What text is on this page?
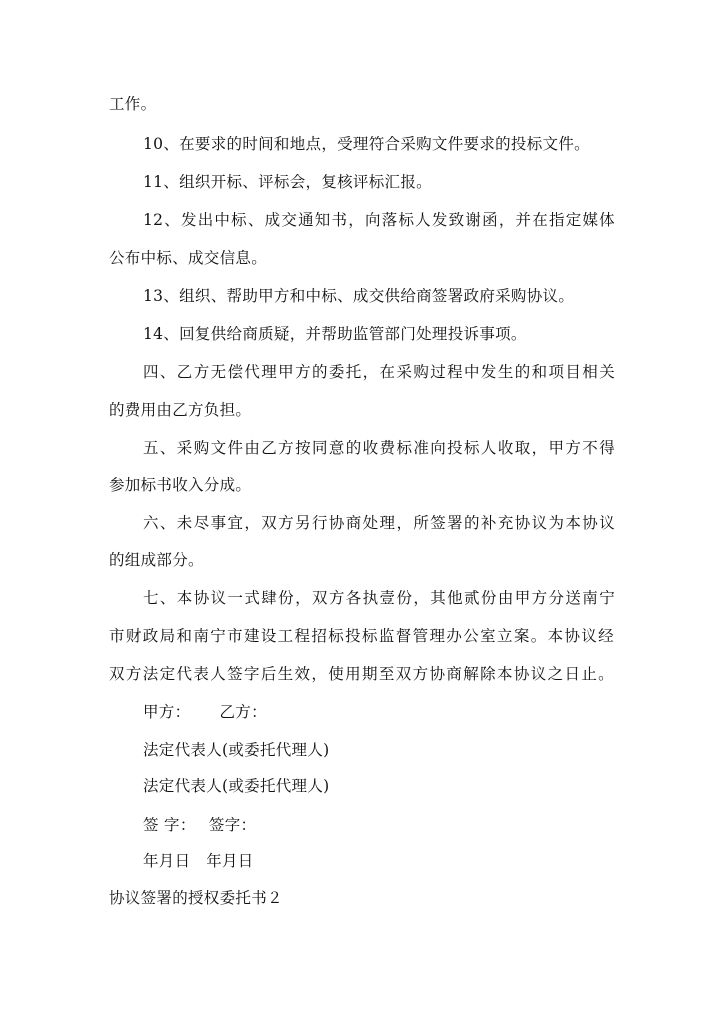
工作。
10、在要求的时间和地点，受理符合采购文件要求的投标文件。
11、组织开标、评标会，复核评标汇报。
12、发出中标、成交通知书，向落标人发致谢函，并在指定媒体
公布中标、成交信息。
13、组织、帮助甲方和中标、成交供给商签署政府采购协议。
14、回复供给商质疑，并帮助监管部门处理投诉事项。
四、乙方无偿代理甲方的委托，在采购过程中发生的和项目相关
的费用由乙方负担。
五、采购文件由乙方按同意的收费标准向投标人收取，甲方不得
参加标书收入分成。
六、未尽事宜，双方另行协商处理，所签署的补充协议为本协议
的组成部分。
七、本协议一式肆份，双方各执壹份，其他贰份由甲方分送南宁
市财政局和南宁市建设工程招标投标监督管理办公室立案。本协议经
双方法定代表人签字后生效，使用期至双方协商解除本协议之日止。
甲方：　　 乙方：
法定代表人(或委托代理人)
法定代表人(或委托代理人)
签 字：　 签字：
年月日　年月日
协议签署的授权委托书２
